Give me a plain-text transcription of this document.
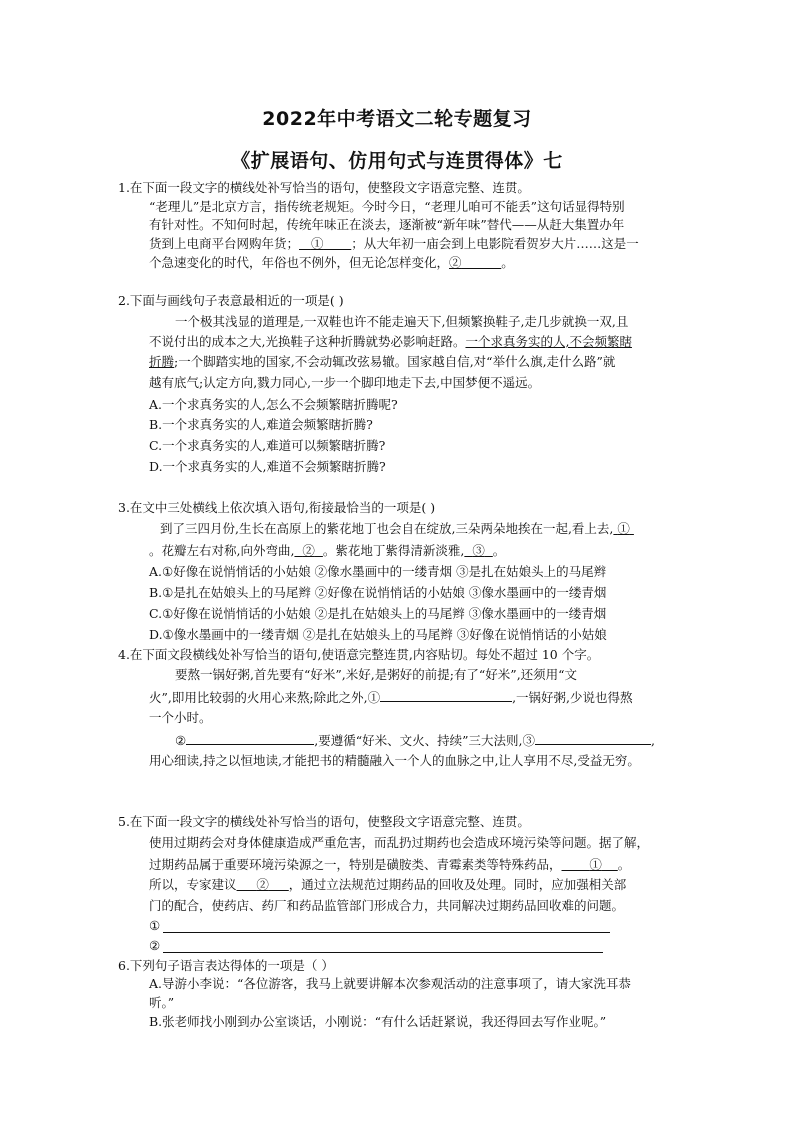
2022年中考语文二轮专题复习
《扩展语句、仿用句式与连贯得体》七

1.在下面一段文字的横线处补写恰当的语句，使整段文字语意完整、连贯。

“老理儿”是北京方言，指传统老规矩。今时今日，“老理儿咱可不能丢”这句话显得特别

有针对性。不知何时起，传统年味正在淡去，逐渐被“新年味”替代——从赶大集置办年

货到上电商平台网购年货； ① ；从大年初一庙会到上电影院看贺岁大片……这是一

个急速变化的时代，年俗也不例外，但无论怎样变化，②	。

2.下面与画线句子表意最相近的一项是( )

一个极其浅显的道理是,一双鞋也许不能走遍天下,但频繁换鞋子,走几步就换一双,且

不说付出的成本之大,光换鞋子这种折腾就势必影响赶路。一个求真务实的人,不会频繁瞎

折腾;一个脚踏实地的国家,不会动辄改弦易辙。国家越自信,对“举什么旗,走什么路”就

越有底气;认定方向,戮力同心,一步一个脚印地走下去,中国梦便不遥远。

A.一个求真务实的人,怎么不会频繁瞎折腾呢?

B.一个求真务实的人,难道会频繁瞎折腾?

C.一个求真务实的人,难道可以频繁瞎折腾?

D.一个求真务实的人,难道不会频繁瞎折腾?

3.在文中三处横线上依次填入语句,衔接最恰当的一项是( )

到了三四月份,生长在高原上的紫花地丁也会自在绽放,三朵两朵地挨在一起,看上去, ①

。花瓣左右对称,向外弯曲, ② 。紫花地丁紫得清新淡雅, ③ 。

A.①好像在说悄悄话的小姑娘 ②像水墨画中的一缕青烟 ③是扎在姑娘头上的马尾辫

B.①是扎在姑娘头上的马尾辫 ②好像在说悄悄话的小姑娘 ③像水墨画中的一缕青烟

C.①好像在说悄悄话的小姑娘 ②是扎在姑娘头上的马尾辫 ③像水墨画中的一缕青烟

D.①像水墨画中的一缕青烟 ②是扎在姑娘头上的马尾辫 ③好像在说悄悄话的小姑娘

4.在下面文段横线处补写恰当的语句,使语意完整连贯,内容贴切。每处不超过 10 个字。

要熬一锅好粥,首先要有“好米”,米好,是粥好的前提;有了“好米”,还须用“文

火”,即用比较弱的火用心来熬;除此之外,①	,一锅好粥,少说也得熬

一个小时。

②	,要遵循“好米、文火、持续”三大法则,③	,

用心细读,持之以恒地读,才能把书的精髓融入一个人的血脉之中,让人享用不尽,受益无穷。

5.在下面一段文字的横线处补写恰当的语句，使整段文字语意完整、连贯。

使用过期药会对身体健康造成严重危害，而乱扔过期药也会造成环境污染等问题。据了解，

过期药品属于重要环境污染源之一，特别是磺胺类、青霉素类等特殊药品， ① 。

所以，专家建议 ② ，通过立法规范过期药品的回收及处理。同时，应加强相关部

门的配合，使药店、药厂和药品监管部门形成合力，共同解决过期药品回收难的问题。

①

②

6.下列句子语言表达得体的一项是（ ）

A.导游小李说：“各位游客，我马上就要讲解本次参观活动的注意事项了，请大家洗耳恭

听。”

B.张老师找小刚到办公室谈话，小刚说：“有什么话赶紧说，我还得回去写作业呢。”
